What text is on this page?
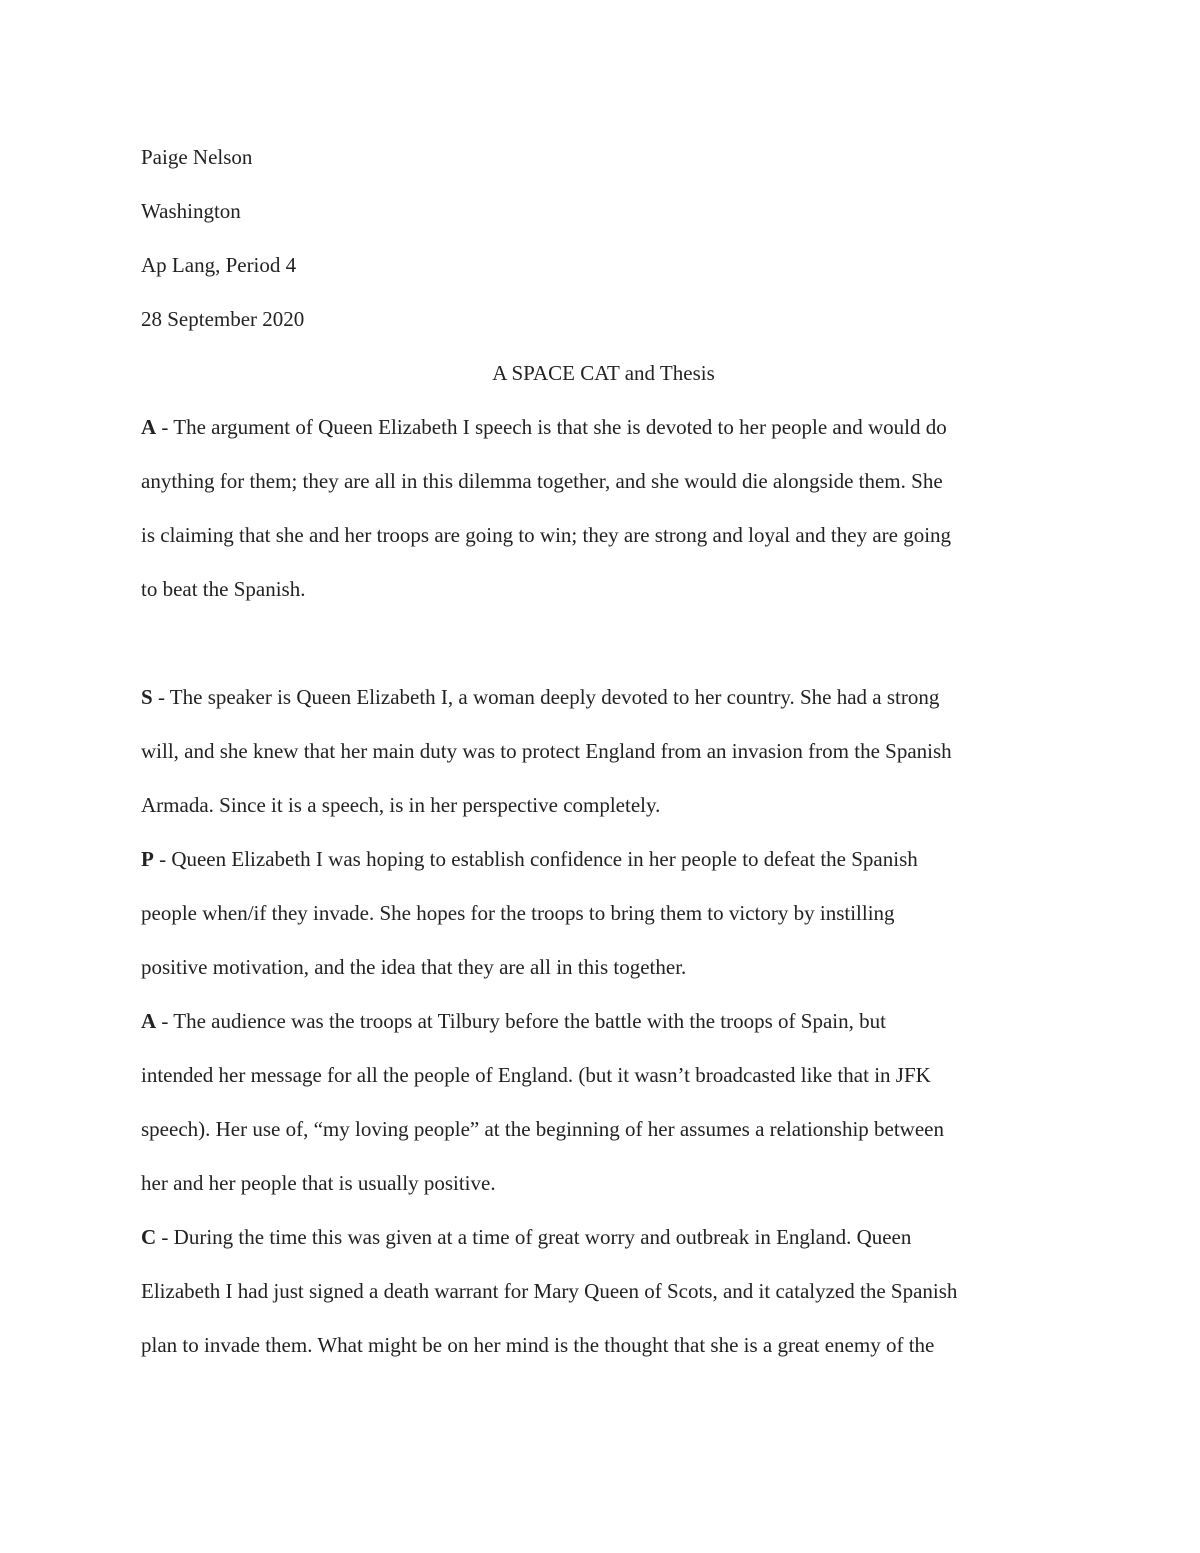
Paige Nelson

Washington

Ap Lang, Period 4

28 September 2020

A SPACE CAT and Thesis

A - The argument of Queen Elizabeth I speech is that she is devoted to her people and would do

anything for them; they are all in this dilemma together, and she would die alongside them. She

is claiming that she and her troops are going to win; they are strong and loyal and they are going

to beat the Spanish.

S - The speaker is Queen Elizabeth I, a woman deeply devoted to her country. She had a strong

will, and she knew that her main duty was to protect England from an invasion from the Spanish

Armada. Since it is a speech, is in her perspective completely.

P - Queen Elizabeth I was hoping to establish confidence in her people to defeat the Spanish

people when/if they invade. She hopes for the troops to bring them to victory by instilling

positive motivation, and the idea that they are all in this together.

A - The audience was the troops at Tilbury before the battle with the troops of Spain, but

intended her message for all the people of England. (but it wasn’t broadcasted like that in JFK

speech). Her use of, “my loving people” at the beginning of her assumes a relationship between

her and her people that is usually positive.

C - During the time this was given at a time of great worry and outbreak in England. Queen

Elizabeth I had just signed a death warrant for Mary Queen of Scots, and it catalyzed the Spanish

plan to invade them. What might be on her mind is the thought that she is a great enemy of the
